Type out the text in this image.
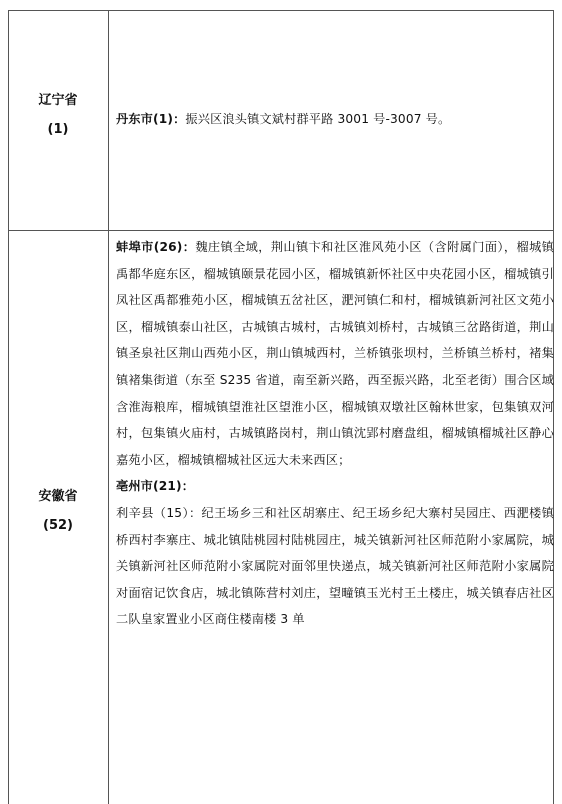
辽宁省
(1)

丹东市(1)：振兴区浪头镇文斌村群平路 3001 号-3007 号。

安徽省
(52)

蚌埠市(26)：魏庄镇全域，荆山镇卞和社区淮风苑小区（含附属门面），榴城镇禹都华庭东区，榴城镇颐景花园小区，榴城镇新怀社区中央花园小区，榴城镇引凤社区禹都雅苑小区，榴城镇五岔社区，淝河镇仁和村，榴城镇新河社区文苑小区，榴城镇泰山社区，古城镇古城村，古城镇刘桥村，古城镇三岔路街道，荆山镇圣泉社区荆山西苑小区，荆山镇城西村，兰桥镇张坝村，兰桥镇兰桥村，褚集镇褚集街道（东至 S235 省道，南至新兴路，西至振兴路，北至老街）围合区域含淮海粮库，榴城镇望淮社区望淮小区，榴城镇双墩社区翰林世家，包集镇双河村，包集镇火庙村，古城镇路岗村，荆山镇沈郢村磨盘组，榴城镇榴城社区静心嘉苑小区，榴城镇榴城社区远大未来西区；

亳州市(21)：

利辛县（15）：纪王场乡三和社区胡寨庄、纪王场乡纪大寨村吴园庄、西淝楼镇桥西村李寨庄、城北镇陆桃园村陆桃园庄，城关镇新河社区师范附小家属院，城关镇新河社区师范附小家属院对面邻里快递点，城关镇新河社区师范附小家属院对面宿记饮食店，城北镇陈营村刘庄，望疃镇玉光村王土楼庄，城关镇春店社区二队皇家置业小区商住楼南楼 3 单
